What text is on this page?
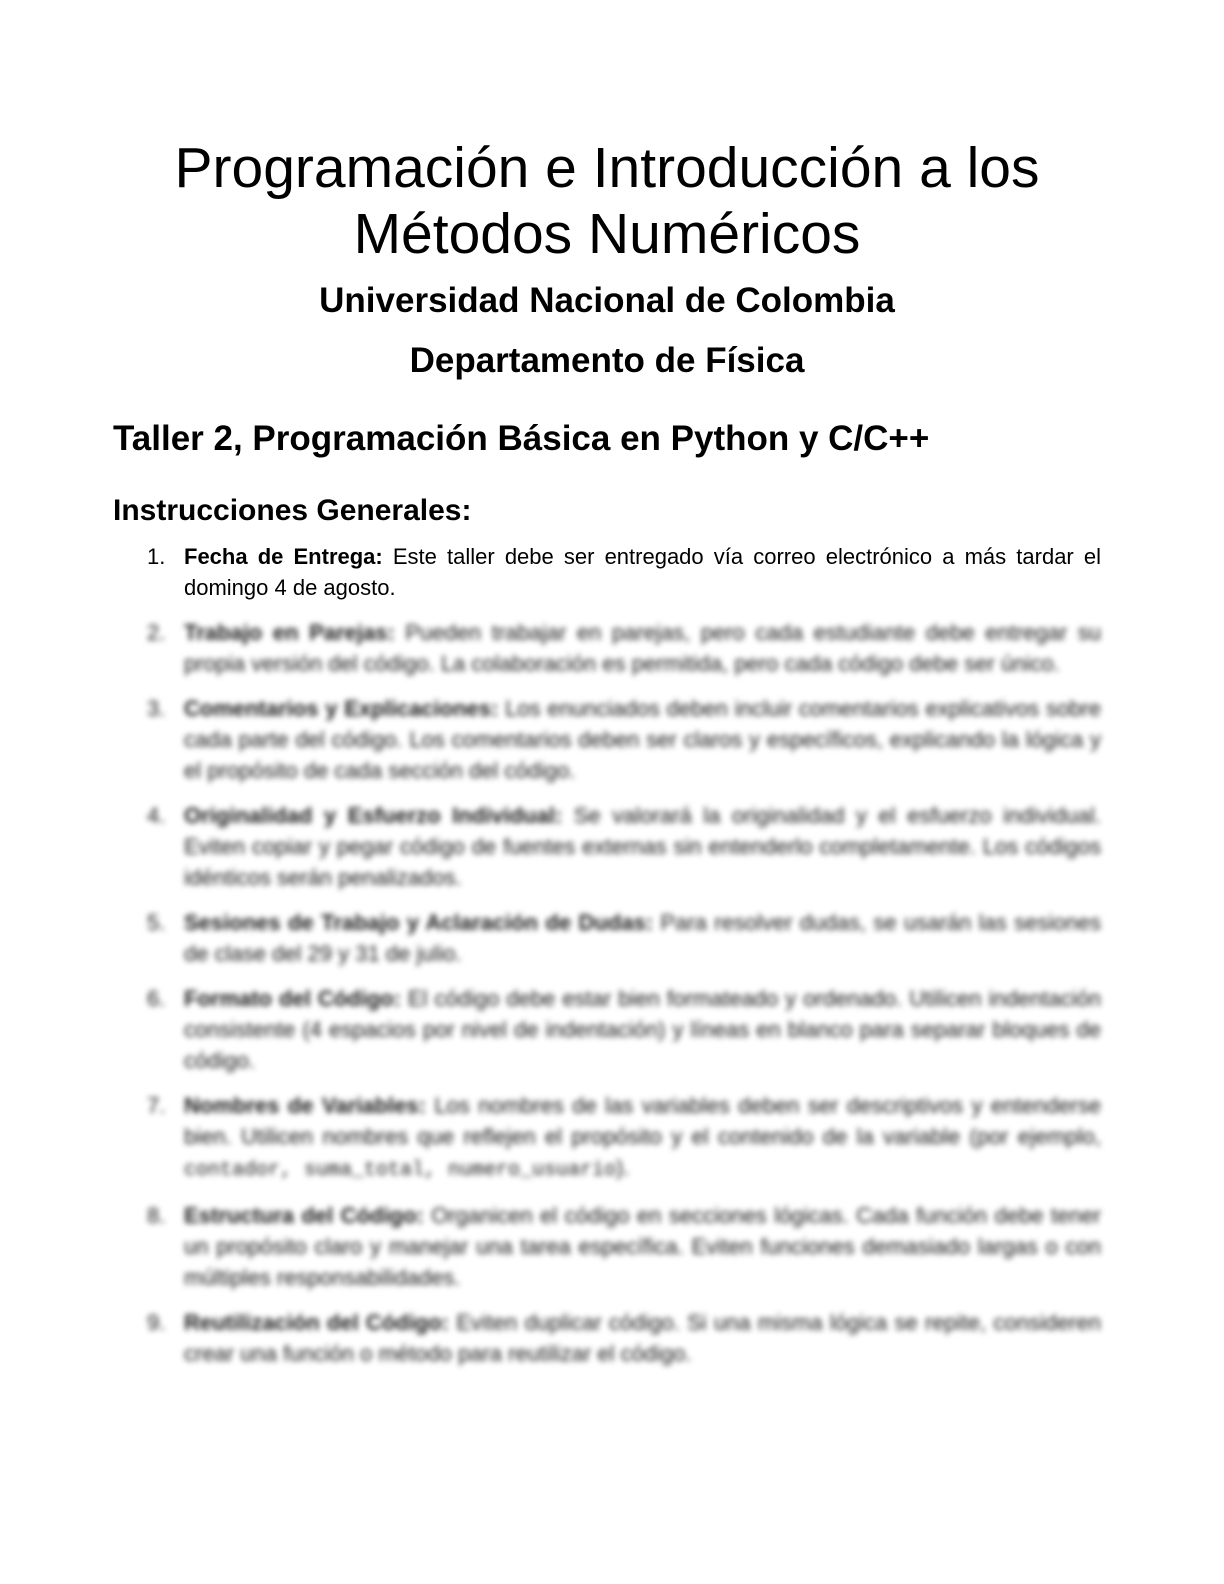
Programación e Introducción a los
Métodos Numéricos
Universidad Nacional de Colombia
Departamento de Física
Taller 2, Programación Básica en Python y C/C++
Instrucciones Generales:
1. Fecha de Entrega: Este taller debe ser entregado vía correo electrónico a más tardar el domingo 4 de agosto.
2. Trabajo en Parejas: Pueden trabajar en parejas, pero cada estudiante debe entregar su propia versión del código. La colaboración es permitida, pero cada código debe ser único.
3. Comentarios y Explicaciones: Los enunciados deben incluir comentarios explicativos sobre cada parte del código. Los comentarios deben ser claros y específicos, explicando la lógica y el propósito de cada sección del código.
4. Originalidad y Esfuerzo Individual: Se valorará la originalidad y el esfuerzo individual. Eviten copiar y pegar código de fuentes externas sin entenderlo completamente. Los códigos idénticos serán penalizados.
5. Sesiones de Trabajo y Aclaración de Dudas: Para resolver dudas, se usarán las sesiones de clase del 29 y 31 de julio.
6. Formato del Código: El código debe estar bien formateado y ordenado. Utilicen indentación consistente (4 espacios por nivel de indentación) y líneas en blanco para separar bloques de código.
7. Nombres de Variables: Los nombres de las variables deben ser descriptivos y entenderse bien. Utilicen nombres que reflejen el propósito y el contenido de la variable (por ejemplo, contador, suma_total, numero_usuario).
8. Estructura del Código: Organicen el código en secciones lógicas. Cada función debe tener un propósito claro y manejar una tarea específica. Eviten funciones demasiado largas o con múltiples responsabilidades.
9. Reutilización del Código: Eviten duplicar código. Si una misma lógica se repite, consideren crear una función o método para reutilizar el código.
